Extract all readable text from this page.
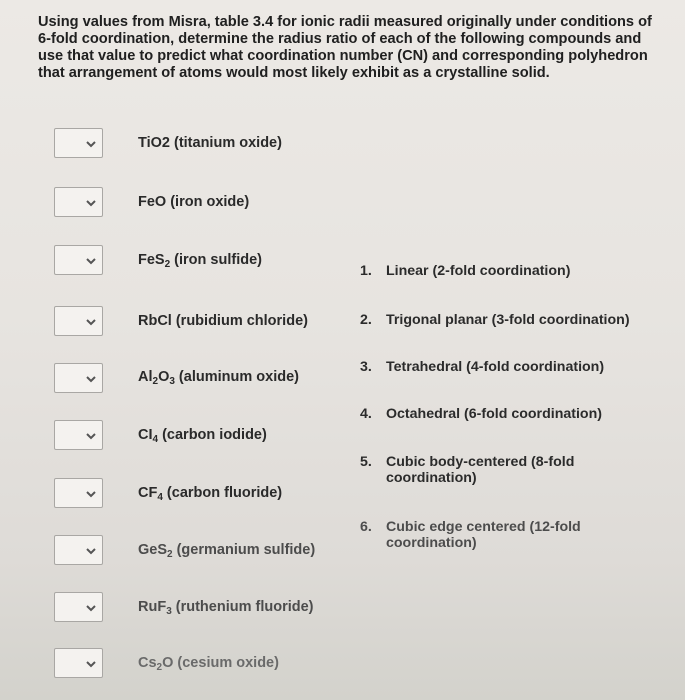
Using values from Misra, table 3.4 for ionic radii measured originally under conditions of 6-fold coordination, determine the radius ratio of each of the following compounds and use that value to predict what coordination number (CN) and corresponding polyhedron that arrangement of atoms would most likely exhibit as a crystalline solid.
TiO2 (titanium oxide)
FeO (iron oxide)
FeS$_2$ (iron sulfide)
RbCl (rubidium chloride)
$Al_2O_3$ (aluminum oxide)
$CI_4$ (carbon iodide)
$CF_4$ (carbon fluoride)
GeS$_2$ (germanium sulfide)
RuF$_3$ (ruthenium fluoride)
$Cs_2O$ (cesium oxide)
1. Linear (2-fold coordination)
2. Trigonal planar (3-fold coordination)
3. Tetrahedral (4-fold coordination)
4. Octahedral (6-fold coordination)
5. Cubic body-centered (8-fold coordination)
6. Cubic edge centered (12-fold coordination)
